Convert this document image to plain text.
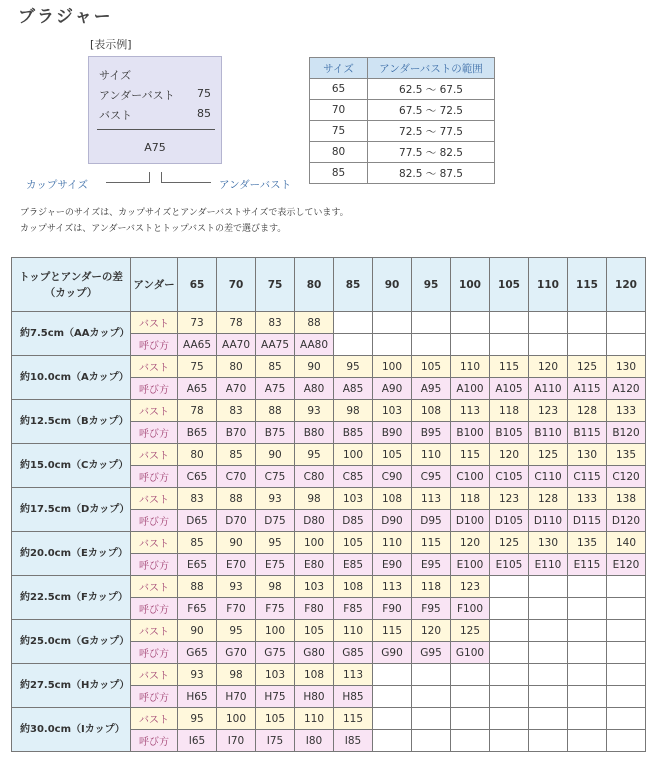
ブラジャー
[表示例]
サイズ
アンダーバスト 75
バスト	85
A75
カップサイズ	アンダーバスト
サイズ	アンダーバストの範囲
65	62.5 ～ 67.5
70	67.5 ～ 72.5
75	72.5 ～ 77.5
80	77.5 ～ 82.5
85	82.5 ～ 87.5
ブラジャーのサイズは、カップサイズとアンダーバストサイズで表示しています。
カップサイズは、アンダーバストとトップバストの差で選びます。
トップとアンダーの差（カップ）	アンダー	65	70	75	80	85	90	95	100	105	110	115	120
約7.5cm（AAカップ）	バスト	73	78	83	88								
	呼び方	AA65	AA70	AA75	AA80								
約10.0cm（Aカップ）	バスト	75	80	85	90	95	100	105	110	115	120	125	130
	呼び方	A65	A70	A75	A80	A85	A90	A95	A100	A105	A110	A115	A120
約12.5cm（Bカップ）	バスト	78	83	88	93	98	103	108	113	118	123	128	133
	呼び方	B65	B70	B75	B80	B85	B90	B95	B100	B105	B110	B115	B120
約15.0cm（Cカップ）	バスト	80	85	90	95	100	105	110	115	120	125	130	135
	呼び方	C65	C70	C75	C80	C85	C90	C95	C100	C105	C110	C115	C120
約17.5cm（Dカップ）	バスト	83	88	93	98	103	108	113	118	123	128	133	138
	呼び方	D65	D70	D75	D80	D85	D90	D95	D100	D105	D110	D115	D120
約20.0cm（Eカップ）	バスト	85	90	95	100	105	110	115	120	125	130	135	140
	呼び方	E65	E70	E75	E80	E85	E90	E95	E100	E105	E110	E115	E120
約22.5cm（Fカップ）	バスト	88	93	98	103	108	113	118	123				
	呼び方	F65	F70	F75	F80	F85	F90	F95	F100				
約25.0cm（Gカップ）	バスト	90	95	100	105	110	115	120	125				
	呼び方	G65	G70	G75	G80	G85	G90	G95	G100				
約27.5cm（Hカップ）	バスト	93	98	103	108	113							
	呼び方	H65	H70	H75	H80	H85							
約30.0cm（Iカップ）	バスト	95	100	105	110	115							
	呼び方	I65	I70	I75	I80	I85							
